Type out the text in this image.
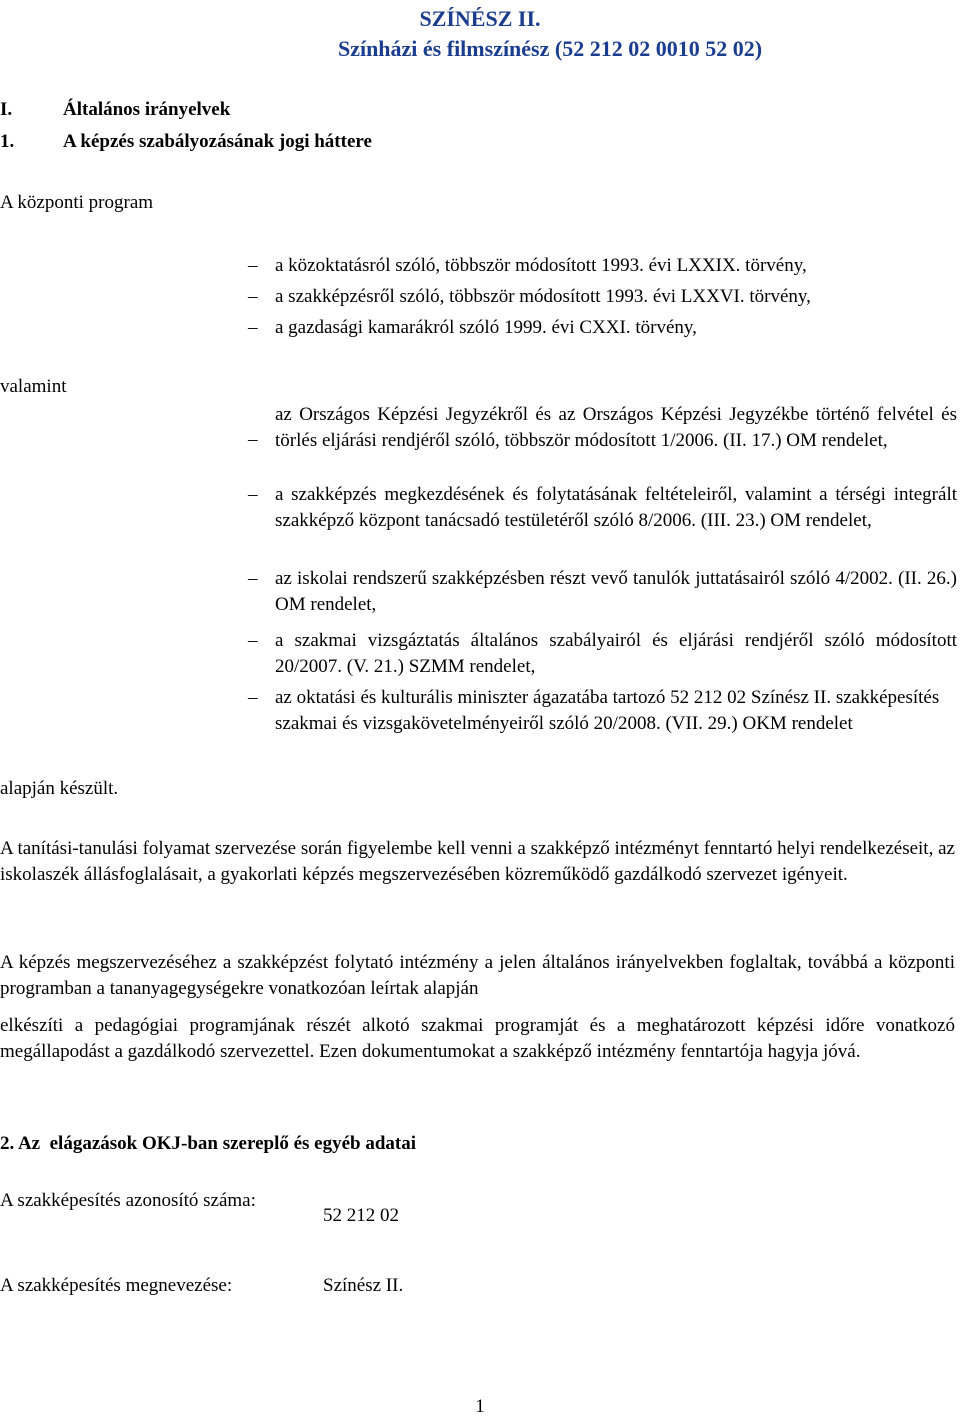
SZÍNÉSZ II.
Színházi és filmszínész (52 212 02 0010 52 02)
I.	Általános irányelvek
1.	A képzés szabályozásának jogi háttere
A központi program
– a közoktatásról szóló, többször módosított 1993. évi LXXIX. törvény,
– a szakképzésről szóló, többször módosított 1993. évi LXXVI. törvény,
– a gazdasági kamarákról szóló 1999. évi CXXI. törvény,
valamint
–
az Országos Képzési Jegyzékről és az Országos Képzési Jegyzékbe történő felvétel és törlés eljárási rendjéről szóló, többször módosított 1/2006. (II. 17.) OM rendelet,
– a szakképzés megkezdésének és folytatásának feltételeiről, valamint a térségi integrált szakképző központ tanácsadó testületéről szóló 8/2006. (III. 23.) OM rendelet,
– az iskolai rendszerű szakképzésben részt vevő tanulók juttatásairól szóló 4/2002. (II. 26.) OM rendelet,
– a szakmai vizsgáztatás általános szabályairól és eljárási rendjéről szóló módosított 20/2007. (V. 21.) SZMM rendelet,
– az oktatási és kulturális miniszter ágazatába tartozó 52 212 02 Színész II. szakképesítés szakmai és vizsgakövetelményeiről szóló 20/2008. (VII. 29.) OKM rendelet
alapján készült.
A tanítási-tanulási folyamat szervezése során figyelembe kell venni a szakképző intézményt fenntartó helyi rendelkezéseit, az iskolaszék állásfoglalásait, a gyakorlati képzés megszervezésében közreműködő gazdálkodó szervezet igényeit.
A képzés megszervezéséhez a szakképzést folytató intézmény a jelen általános irányelvekben foglaltak, továbbá a központi programban a tananyagegységekre vonatkozóan leírtak alapján
elkészíti a pedagógiai programjának részét alkotó szakmai programját és a meghatározott képzési időre vonatkozó megállapodást a gazdálkodó szervezettel. Ezen dokumentumokat a szakképző intézmény fenntartója hagyja jóvá.
2. Az  elágazások OKJ-ban szereplő és egyéb adatai
A szakképesítés azonosító száma:
52 212 02
A szakképesítés megnevezése:	Színész II.
1
